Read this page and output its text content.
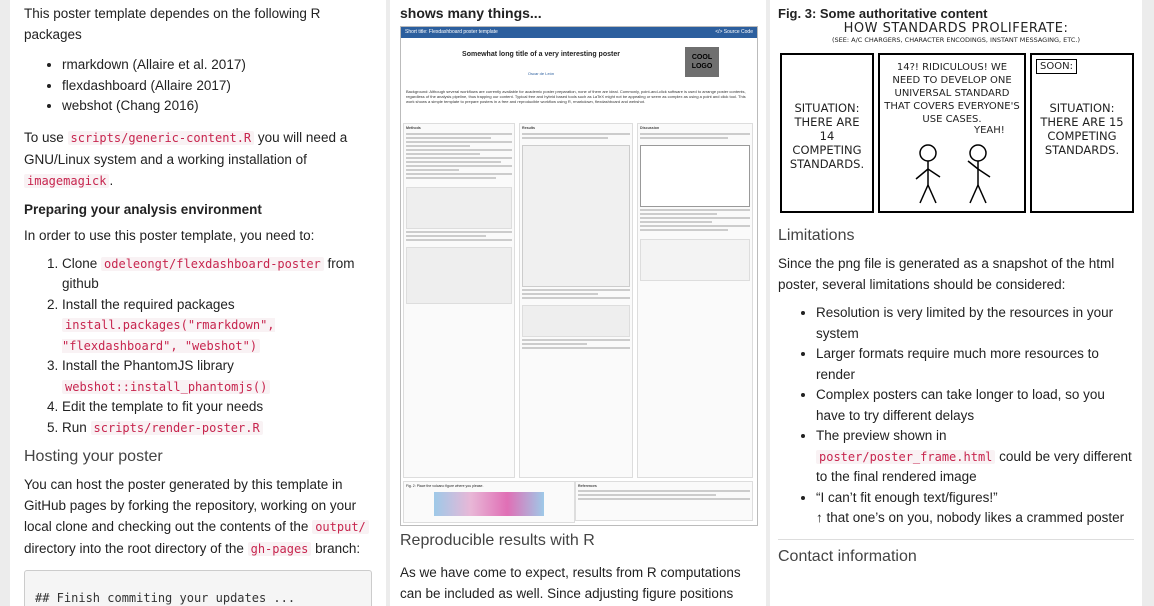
This poster template dependes on the following R packages

• rmarkdown (Allaire et al. 2017)
• flexdashboard (Allaire 2017)
• webshot (Chang 2016)

To use scripts/generic-content.R you will need a GNU/Linux system and a working installation of imagemagick .

Preparing your analysis environment

In order to use this poster template, you need to:

1. Clone odeleongt/flexdashboard-poster from github
2. Install the required packages
install.packages("rmarkdown", "flexdashboard", "webshot")
3. Install the PhantomJS library
webshot::install_phantomjs()
4. Edit the template to fit your needs
5. Run scripts/render-poster.R
Hosting your poster

You can host the poster generated by this template in GitHub pages by forking the repository, working on your local clone and checking out the contents of the output/ directory into the root directory of the gh-pages branch:

## Finish commiting your updates ...
shows many things...
Short title: Flexdashboard poster template	</> Source Code
Somewhat long title of a very interesting poster
Oscar de León
COOL LOGO
Background: Although several workflows are currently available for academic poster preparation, none of them are ideal. Commonly, point-and-click software is used to arrange poster contents, regardless of the analysis pipeline, thus trapping our content. Typical free and hybrid based tools such as LaTeX might not be appealing or seem as complex as using a point and click tool. This work shows a simple template to prepare posters in a free and reproducible workflow using R, rmarkdown, flexdashboard and webshot.
Methods	Results	Discussion
Fig. 2: Place the volcano figure where you please.	References
Reproducible results with R

As we have come to expect, results from R computations can be included as well. Since adjusting figure positions

Fig. 3: Some authoritative content
HOW STANDARDS PROLIFERATE:
(SEE: A/C CHARGERS, CHARACTER ENCODINGS, INSTANT MESSAGING, ETC.)
SITUATION: THERE ARE 14 COMPETING STANDARDS.
14?! RIDICULOUS! WE NEED TO DEVELOP ONE UNIVERSAL STANDARD THAT COVERS EVERYONE'S USE CASES.
YEAH!
SOON:
SITUATION: THERE ARE 15 COMPETING STANDARDS.
Limitations

Since the png file is generated as a snapshot of the html poster, several limitations should be considered:

• Resolution is very limited by the resources in your system
• Larger formats require much more resources to render
• Complex posters can take longer to load, so you have to try different delays
• The preview shown in
poster/poster_frame.html could be very different to the final rendered image
• “I can’t fit enough text/figures!”
↑ that one’s on you, nobody likes a crammed poster
Contact information
